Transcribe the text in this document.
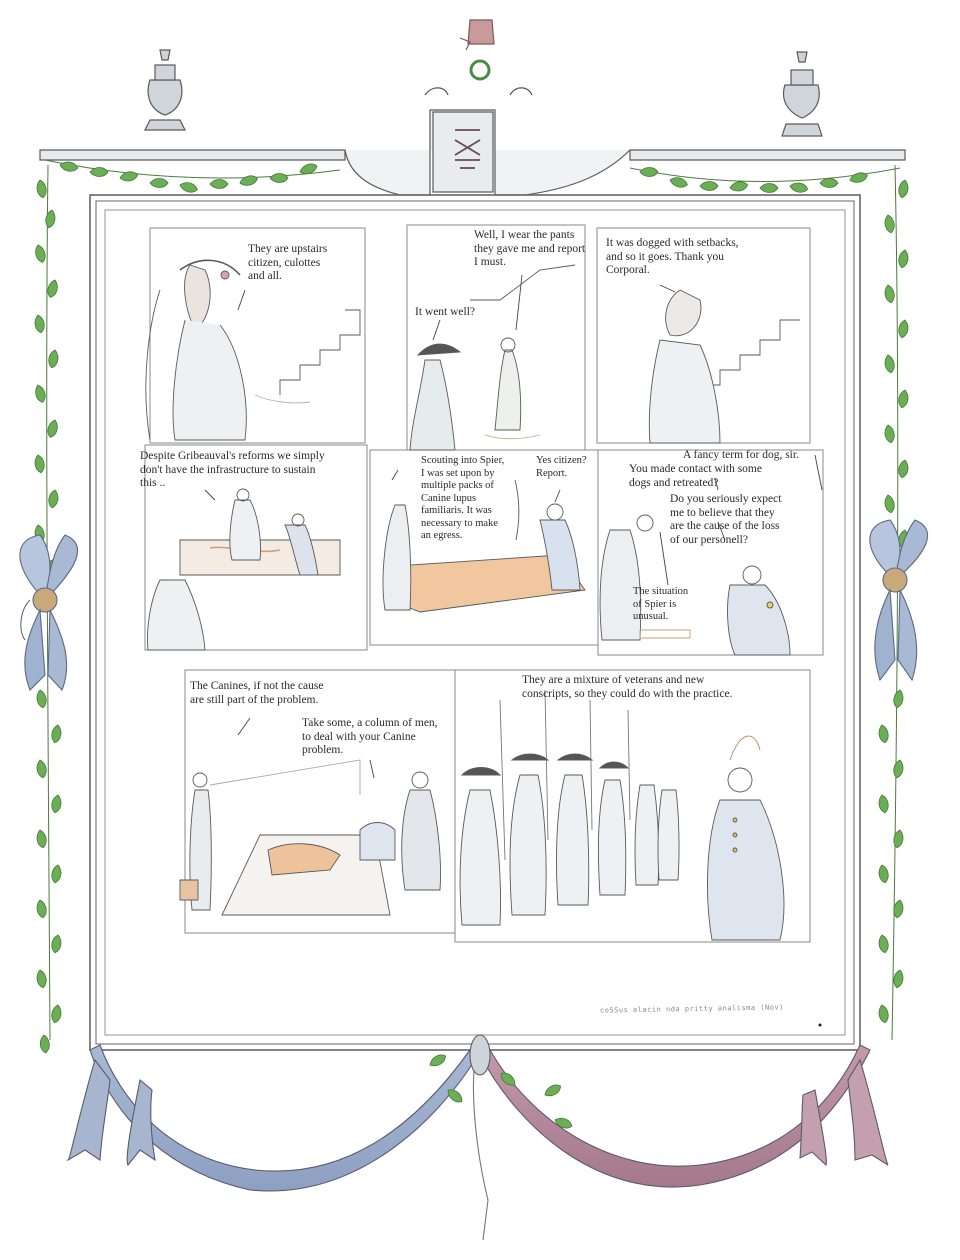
They are upstairs
citizen, culottes
and all.

It went well?

Well, I wear the pants
they gave me and report
I must.

It was dogged with setbacks,
and so it goes. Thank you
Corporal.

Despite Gribeauval's reforms we simply
don't have the infrastructure to sustain
this ..

Scouting into Spier,
I was set upon by
multiple packs of
Canine lupus
familiaris. It was
necessary to make
an egress.

Yes citizen?
Report.

A fancy term for dog, sir.

You made contact with some
dogs and retreated?

Do you seriously expect
me to believe that they
are the cause of the loss
of our personell?

The situation
of Spier is
unusual.

The Canines, if not the cause
are still part of the problem.

Take some, a column of men,
to deal with your Canine
problem.

They are a mixture of veterans and new
conscripts, so they could do with the practice.

co5Sus alacin nda pritty analisma (Nov)
